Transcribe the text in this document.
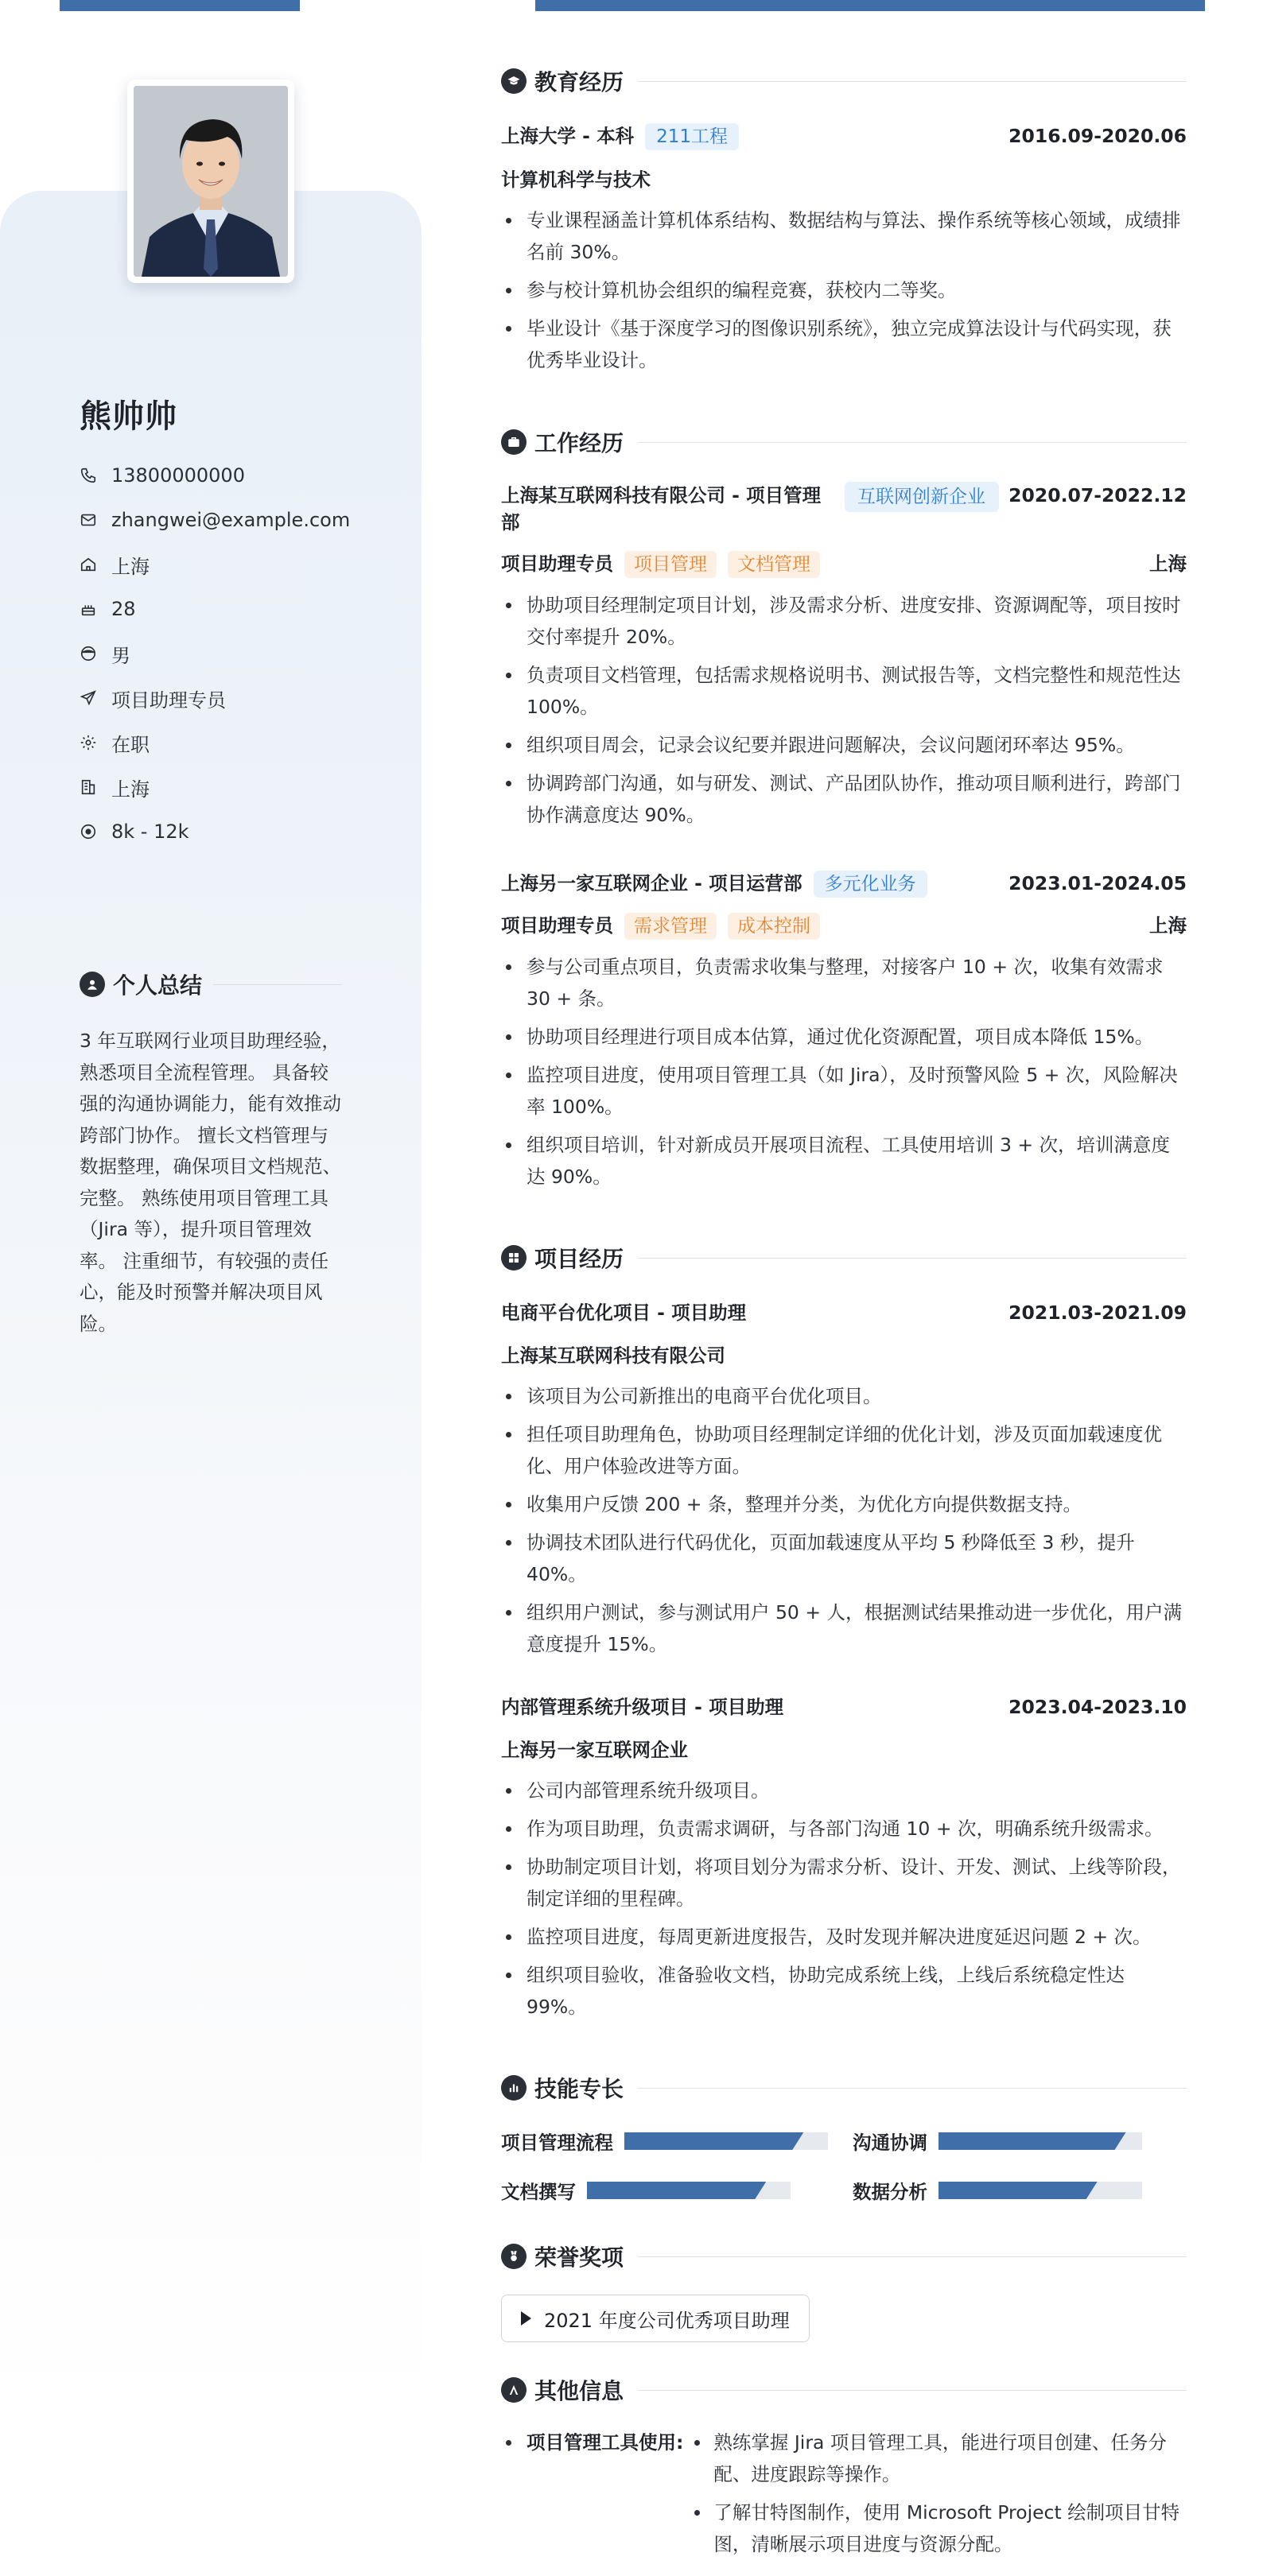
熊帅帅
13800000000
zhangwei@example.com
上海
28
男
项目助理专员
在职
上海
8k - 12k
个人总结
3 年互联网行业项目助理经验，熟悉项目全流程管理。 具备较强的沟通协调能力，能有效推动跨部门协作。 擅长文档管理与数据整理，确保项目文档规范、完整。 熟练使用项目管理工具（Jira 等），提升项目管理效率。 注重细节，有较强的责任心，能及时预警并解决项目风险。
教育经历
上海大学 - 本科 211工程	2016.09-2020.06
计算机科学与技术
专业课程涵盖计算机体系结构、数据结构与算法、操作系统等核心领域，成绩排名前 30%。
参与校计算机协会组织的编程竞赛，获校内二等奖。
毕业设计《基于深度学习的图像识别系统》，独立完成算法设计与代码实现，获优秀毕业设计。
工作经历
上海某互联网科技有限公司 - 项目管理部
互联网创新企业	2020.07-2022.12
项目助理专员 项目管理 文档管理	上海
协助项目经理制定项目计划，涉及需求分析、进度安排、资源调配等，项目按时交付率提升 20%。
负责项目文档管理，包括需求规格说明书、测试报告等，文档完整性和规范性达 100%。
组织项目周会，记录会议纪要并跟进问题解决，会议问题闭环率达 95%。
协调跨部门沟通，如与研发、测试、产品团队协作，推动项目顺利进行，跨部门协作满意度达 90%。
上海另一家互联网企业 - 项目运营部 多元化业务	2023.01-2024.05
项目助理专员 需求管理 成本控制	上海
参与公司重点项目，负责需求收集与整理，对接客户 10 + 次，收集有效需求 30 + 条。
协助项目经理进行项目成本估算，通过优化资源配置，项目成本降低 15%。
监控项目进度，使用项目管理工具（如 Jira），及时预警风险 5 + 次，风险解决率 100%。
组织项目培训，针对新成员开展项目流程、工具使用培训 3 + 次，培训满意度达 90%。
项目经历
电商平台优化项目 - 项目助理	2021.03-2021.09
上海某互联网科技有限公司
该项目为公司新推出的电商平台优化项目。
担任项目助理角色，协助项目经理制定详细的优化计划，涉及页面加载速度优化、用户体验改进等方面。
收集用户反馈 200 + 条，整理并分类，为优化方向提供数据支持。
协调技术团队进行代码优化，页面加载速度从平均 5 秒降低至 3 秒，提升 40%。
组织用户测试，参与测试用户 50 + 人，根据测试结果推动进一步优化，用户满意度提升 15%。
内部管理系统升级项目 - 项目助理	2023.04-2023.10
上海另一家互联网企业
公司内部管理系统升级项目。
作为项目助理，负责需求调研，与各部门沟通 10 + 次，明确系统升级需求。
协助制定项目计划，将项目划分为需求分析、设计、开发、测试、上线等阶段，制定详细的里程碑。
监控项目进度，每周更新进度报告，及时发现并解决进度延迟问题 2 + 次。
组织项目验收，准备验收文档，协助完成系统上线，上线后系统稳定性达 99%。
技能专长
项目管理流程	沟通协调
文档撰写	数据分析
荣誉奖项
2021 年度公司优秀项目助理
其他信息
项目管理工具使用:	熟练掌握 Jira 项目管理工具，能进行项目创建、任务分配、进度跟踪等操作。
了解甘特图制作，使用 Microsoft Project 绘制项目甘特图，清晰展示项目进度与资源分配。
